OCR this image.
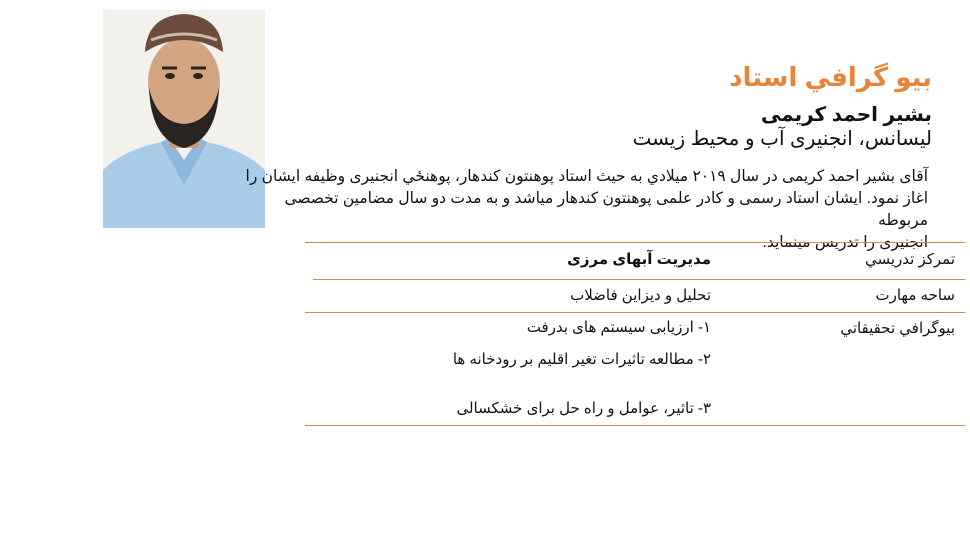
بیو گرافي استاد
بشیر احمد کریمی
لیسانس، انجنیری آب و محیط زیست

آقای بشیر احمد کریمی در سال ۲۰۱۹ میلادي به حیث استاد پوهنتون کندهار، پوهنځي انجنیری وظیفه ایشان را

اغاز نمود. ایشان استاد رسمی و کادر علمی پوهنتون کندهار میاشد و به مدت دو سال مضامین تخصصی مربوطه

انجنیری را تدریس مینماید.

تمرکز تدریسي
مدیریت آبهای مرزی
ساحه مهارت
تحلیل و دیزاین فاضلاب
بیوگرافي تحقیقاتي
۱- ارزیابی سیستم های بدرفت
۲- مطالعه تاثیرات تغیر اقلیم بر رودخانه ها
۳- تاثیر، عوامل و راه حل برای خشکسالی
